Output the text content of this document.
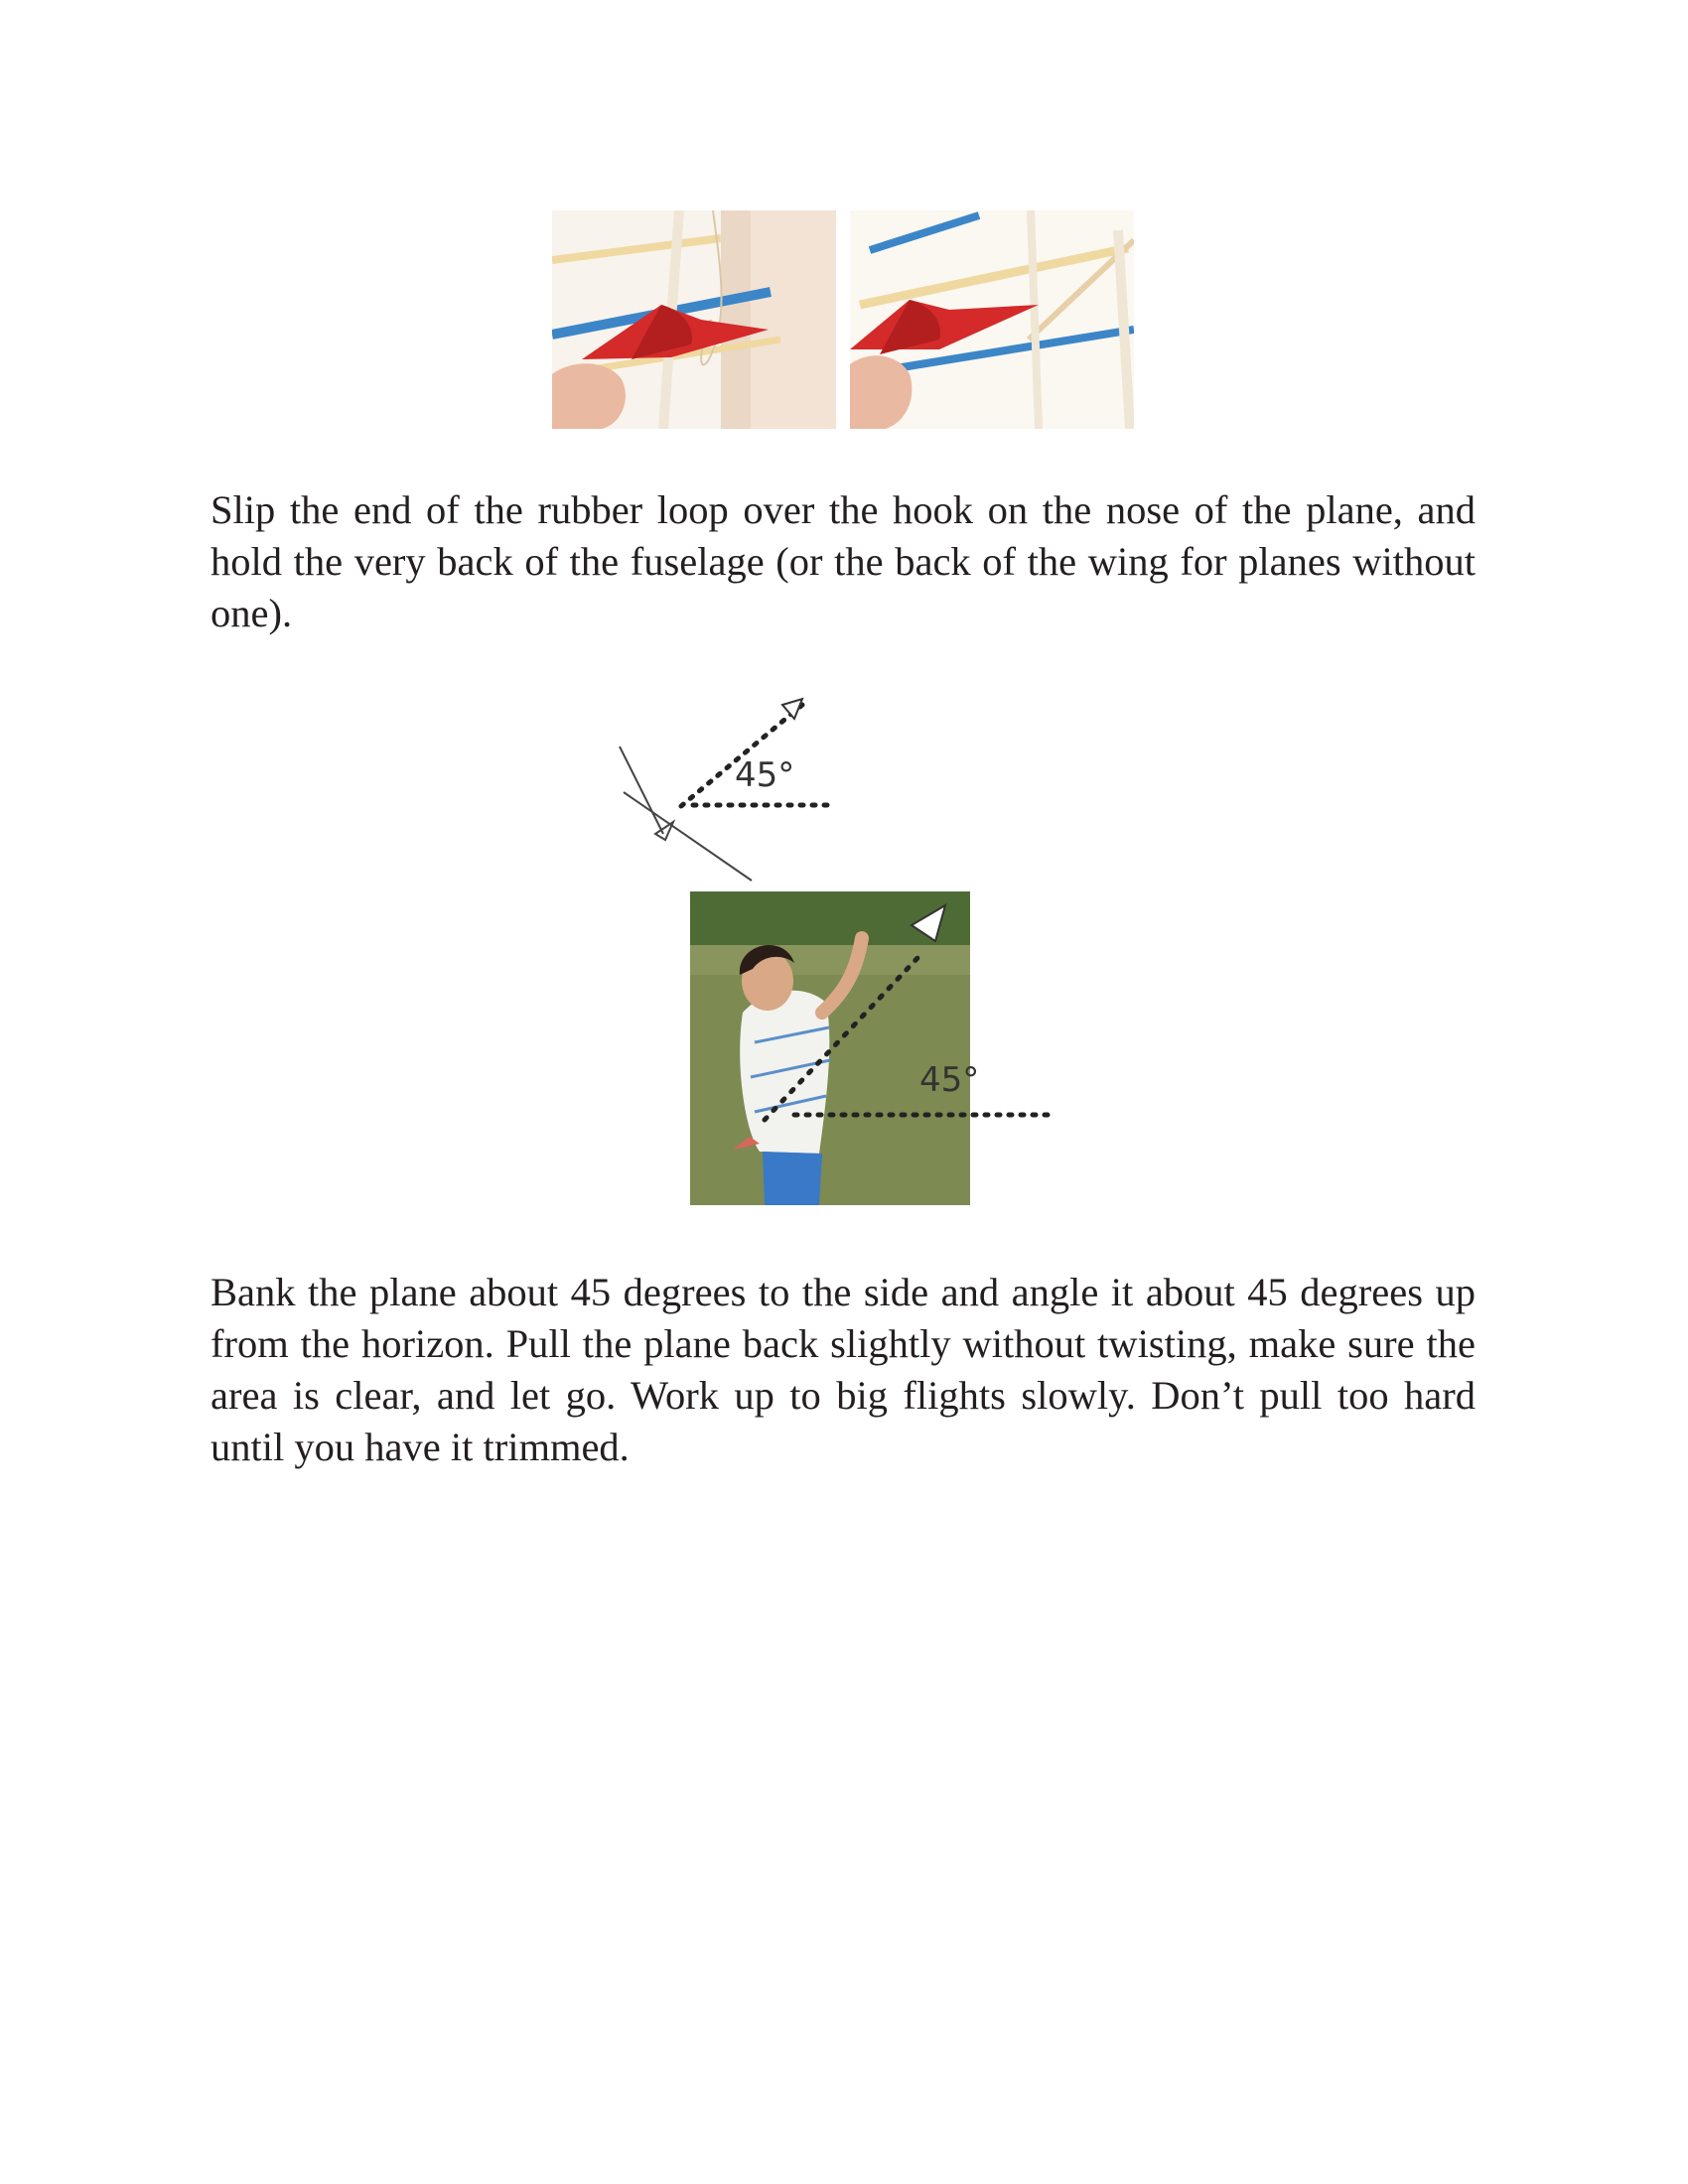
Slip the end of the rubber loop over the hook on the nose of the plane, and hold the very back of the fuselage (or the back of the wing for planes without one).

45°
45°

Bank the plane about 45 degrees to the side and angle it about 45 degrees up from the horizon. Pull the plane back slightly without twisting, make sure the area is clear, and let go. Work up to big flights slowly. Don’t pull too hard until you have it trimmed.
